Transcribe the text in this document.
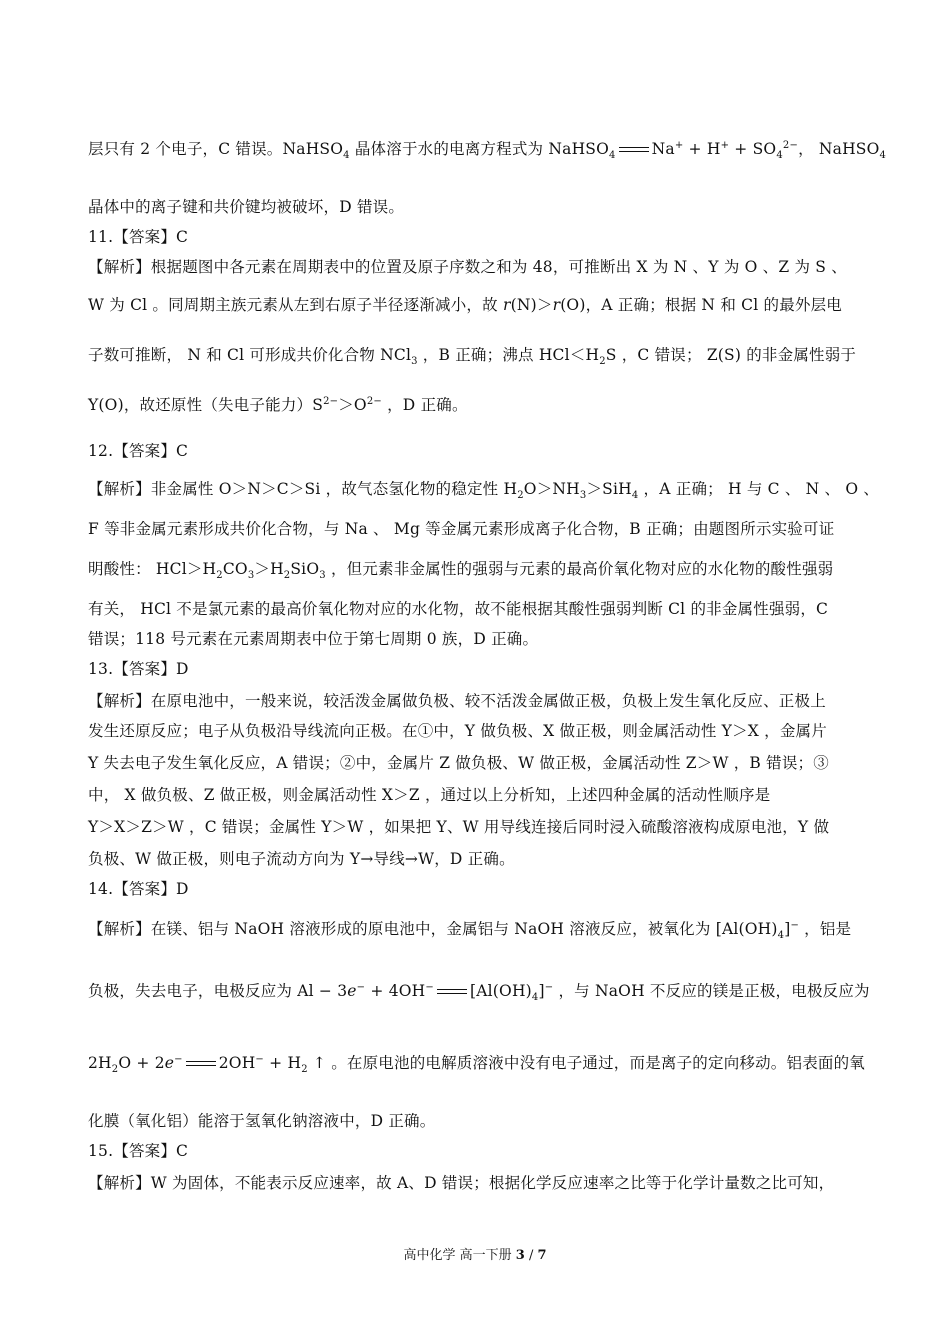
层只有 2 个电子，C 错误。NaHSO$_4$ 晶体溶于水的电离方程式为 NaHSO$_4$ $Na^+ + H^+ + SO_4^{2-}$， NaHSO$_4$
晶体中的离子键和共价键均被破坏，D 错误。
11.【答案】C
【解析】根据题图中各元素在周期表中的位置及原子序数之和为 48，可推断出 X 为 N 、Y 为 O 、Z 为 S 、
W 为 Cl 。同周期主族元素从左到右原子半径逐渐减小，故 r(N)＞r(O)，A 正确；根据 N 和 Cl 的最外层电
子数可推断， N 和 Cl 可形成共价化合物 NCl$_3$ ，B 正确；沸点 $HCl<H_2S$ ，C 错误； Z(S) 的非金属性弱于
Y(O)，故还原性（失电子能力）$S^{2-}>O^{2-}$ ，D 正确。
12.【答案】C
【解析】非金属性 O＞N＞C＞Si ，故气态氢化物的稳定性 $H_2O>NH_3>SiH_4$ ，A 正确； H 与 C 、 N 、 O 、
F 等非金属元素形成共价化合物，与 Na 、 Mg 等金属元素形成离子化合物，B 正确；由题图所示实验可证
明酸性： $HCl>H_2CO_3>H_2SiO_3$ ，但元素非金属性的强弱与元素的最高价氧化物对应的水化物的酸性强弱
有关， HCl 不是氯元素的最高价氧化物对应的水化物，故不能根据其酸性强弱判断 Cl 的非金属性强弱，C
错误；118 号元素在元素周期表中位于第七周期 0 族，D 正确。
13.【答案】D
【解析】在原电池中，一般来说，较活泼金属做负极、较不活泼金属做正极，负极上发生氧化反应、正极上
发生还原反应；电子从负极沿导线流向正极。在①中，Y 做负极、X 做正极，则金属活动性 Y＞X ，金属片
Y 失去电子发生氧化反应，A 错误；②中，金属片 Z 做负极、W 做正极，金属活动性 Z＞W ，B 错误；③
中， X 做负极、Z 做正极，则金属活动性 X＞Z ，通过以上分析知，上述四种金属的活动性顺序是
Y＞X＞Z＞W ，C 错误；金属性 Y＞W ，如果把 Y、W 用导线连接后同时浸入硫酸溶液构成原电池，Y 做
负极、W 做正极，则电子流动方向为 Y→导线→W，D 正确。
14.【答案】D
【解析】在镁、铝与 NaOH 溶液形成的原电池中，金属铝与 NaOH 溶液反应，被氧化为 $[Al(OH)_4]^-$ ，铝是
负极，失去电子，电极反应为 Al − 3e− + 4OH− $[Al(OH)_4]^-$ ，与 NaOH 不反应的镁是正极，电极反应为
$2H_2O + 2e^-$ $2OH^- + H_2$ ↑ 。在原电池的电解质溶液中没有电子通过，而是离子的定向移动。铝表面的氧
化膜（氧化铝）能溶于氢氧化钠溶液中，D 正确。
15.【答案】C
【解析】W 为固体，不能表示反应速率，故 A、D 错误；根据化学反应速率之比等于化学计量数之比可知，
高中化学 高一下册 3 / 7
